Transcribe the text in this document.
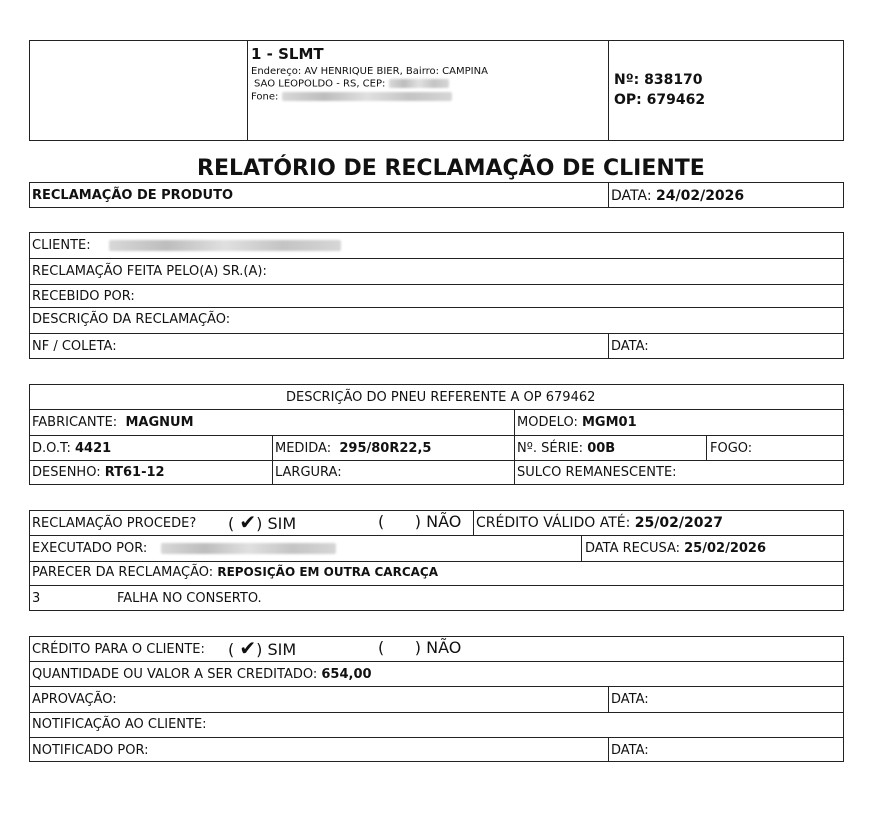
1 - SLMT
Endereço: AV HENRIQUE BIER, Bairro: CAMPINA
SAO LEOPOLDO - RS, CEP:
Fone:
Nº: 838170
OP: 679462
RELATÓRIO DE RECLAMAÇÃO DE CLIENTE
RECLAMAÇÃO DE PRODUTO	DATA: 24/02/2026
CLIENTE:
RECLAMAÇÃO FEITA PELO(A) SR.(A):
RECEBIDO POR:
DESCRIÇÃO DA RECLAMAÇÃO:
NF / COLETA:	DATA:
DESCRIÇÃO DO PNEU REFERENTE A OP 679462
FABRICANTE: MAGNUM	MODELO: MGM01
D.O.T: 4421	MEDIDA: 295/80R22,5	Nº. SÉRIE: 00B	FOGO:
DESENHO: RT61-12	LARGURA:	SULCO REMANESCENTE:
RECLAMAÇÃO PROCEDE? ( ✔) SIM	( ) NÃO CRÉDITO VÁLIDO ATÉ: 25/02/2027
EXECUTADO POR:	DATA RECUSA: 25/02/2026
PARECER DA RECLAMAÇÃO: REPOSIÇÃO EM OUTRA CARCAÇA
3	FALHA NO CONSERTO.
CRÉDITO PARA O CLIENTE: ( ✔) SIM	( ) NÃO
QUANTIDADE OU VALOR A SER CREDITADO: 654,00
APROVAÇÃO:	DATA:
NOTIFICAÇÃO AO CLIENTE:
NOTIFICADO POR:	DATA:
